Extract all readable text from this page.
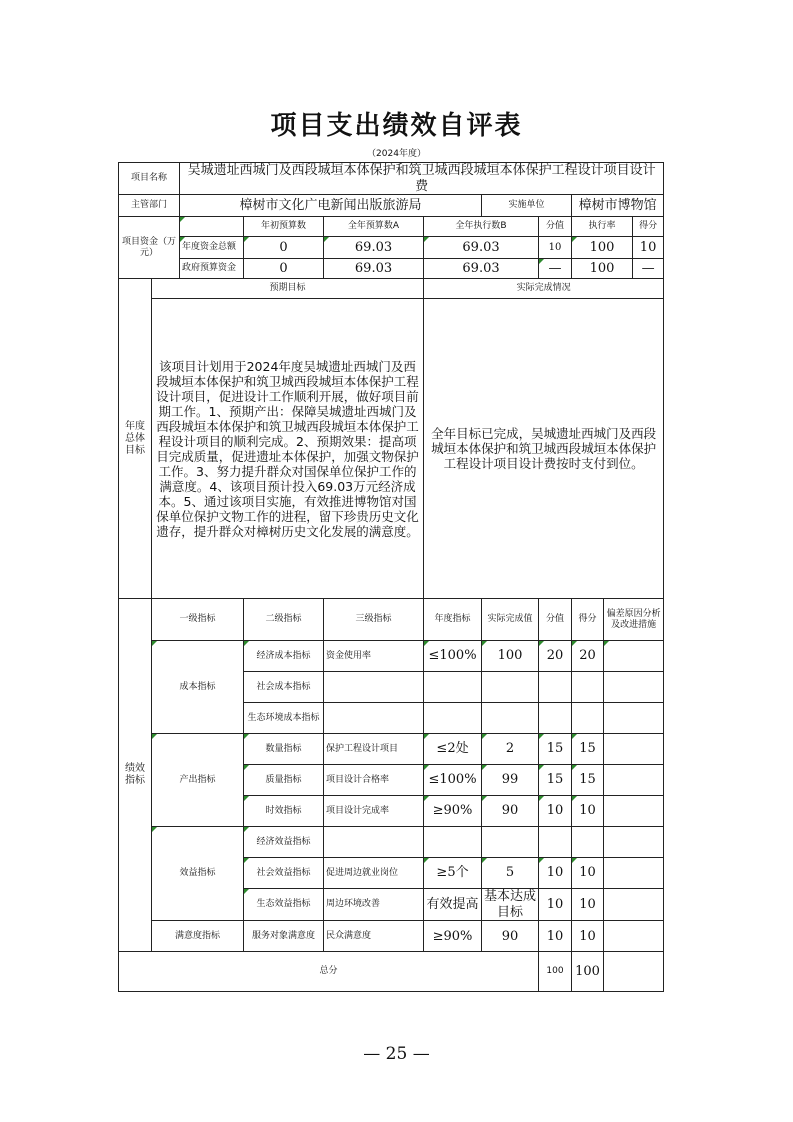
项目支出绩效自评表
（2024年度）
项目名称		吴城遗址西城门及西段城垣本体保护和筑卫城西段城垣本体保护工程设计项目设计费								
主管部门		樟树市文化广电新闻出版旅游局				实施单位		樟树市博物馆		
项目资金（万元）			年初预算数	全年预算数A	全年执行数B		分值	执行率		得分
		年度资金总额	0	69.03	69.03		10	100		10
		政府预算资金	0	69.03	69.03		—	100		—
年度总体目标	预期目标				实际完成情况					
	该项目计划用于2024年度吴城遗址西城门及西段城垣本体保护和筑卫城西段城垣本体保护工程设计项目，促进设计工作顺利开展，做好项目前期工作。1、预期产出：保障吴城遗址西城门及西段城垣本体保护和筑卫城西段城垣本体保护工程设计项目的顺利完成。2、预期效果：提高项目完成质量，促进遗址本体保护，加强文物保护工作。3、努力提升群众对国保单位保护工作的满意度。4、该项目预计投入69.03万元经济成本。5、通过该项目实施，有效推进博物馆对国保单位保护文物工作的进程，留下珍贵历史文化遗存，提升群众对樟树历史文化发展的满意度。				全年目标已完成，吴城遗址西城门及西段城垣本体保护和筑卫城西段城垣本体保护工程设计项目设计费按时支付到位。					
绩效指标	一级指标		二级指标	三级指标	年度指标	实际完成值	分值	得分	偏差原因分析及改进措施	
	成本指标		经济成本指标	资金使用率	≤100%	100	20	20		
			社会成本指标							
			生态环境成本指标							
	产出指标		数量指标	保护工程设计项目	≤2处	2	15	15		
			质量指标	项目设计合格率	≤100%	99	15	15		
			时效指标	项目设计完成率	≥90%	90	10	10		
	效益指标		经济效益指标							
			社会效益指标	促进周边就业岗位	≥5个	5	10	10		
			生态效益指标	周边环境改善	有效提高	基本达成目标	10	10		
	满意度指标		服务对象满意度	民众满意度	≥90%	90	10	10		
总分							100	100		
— 25 —
